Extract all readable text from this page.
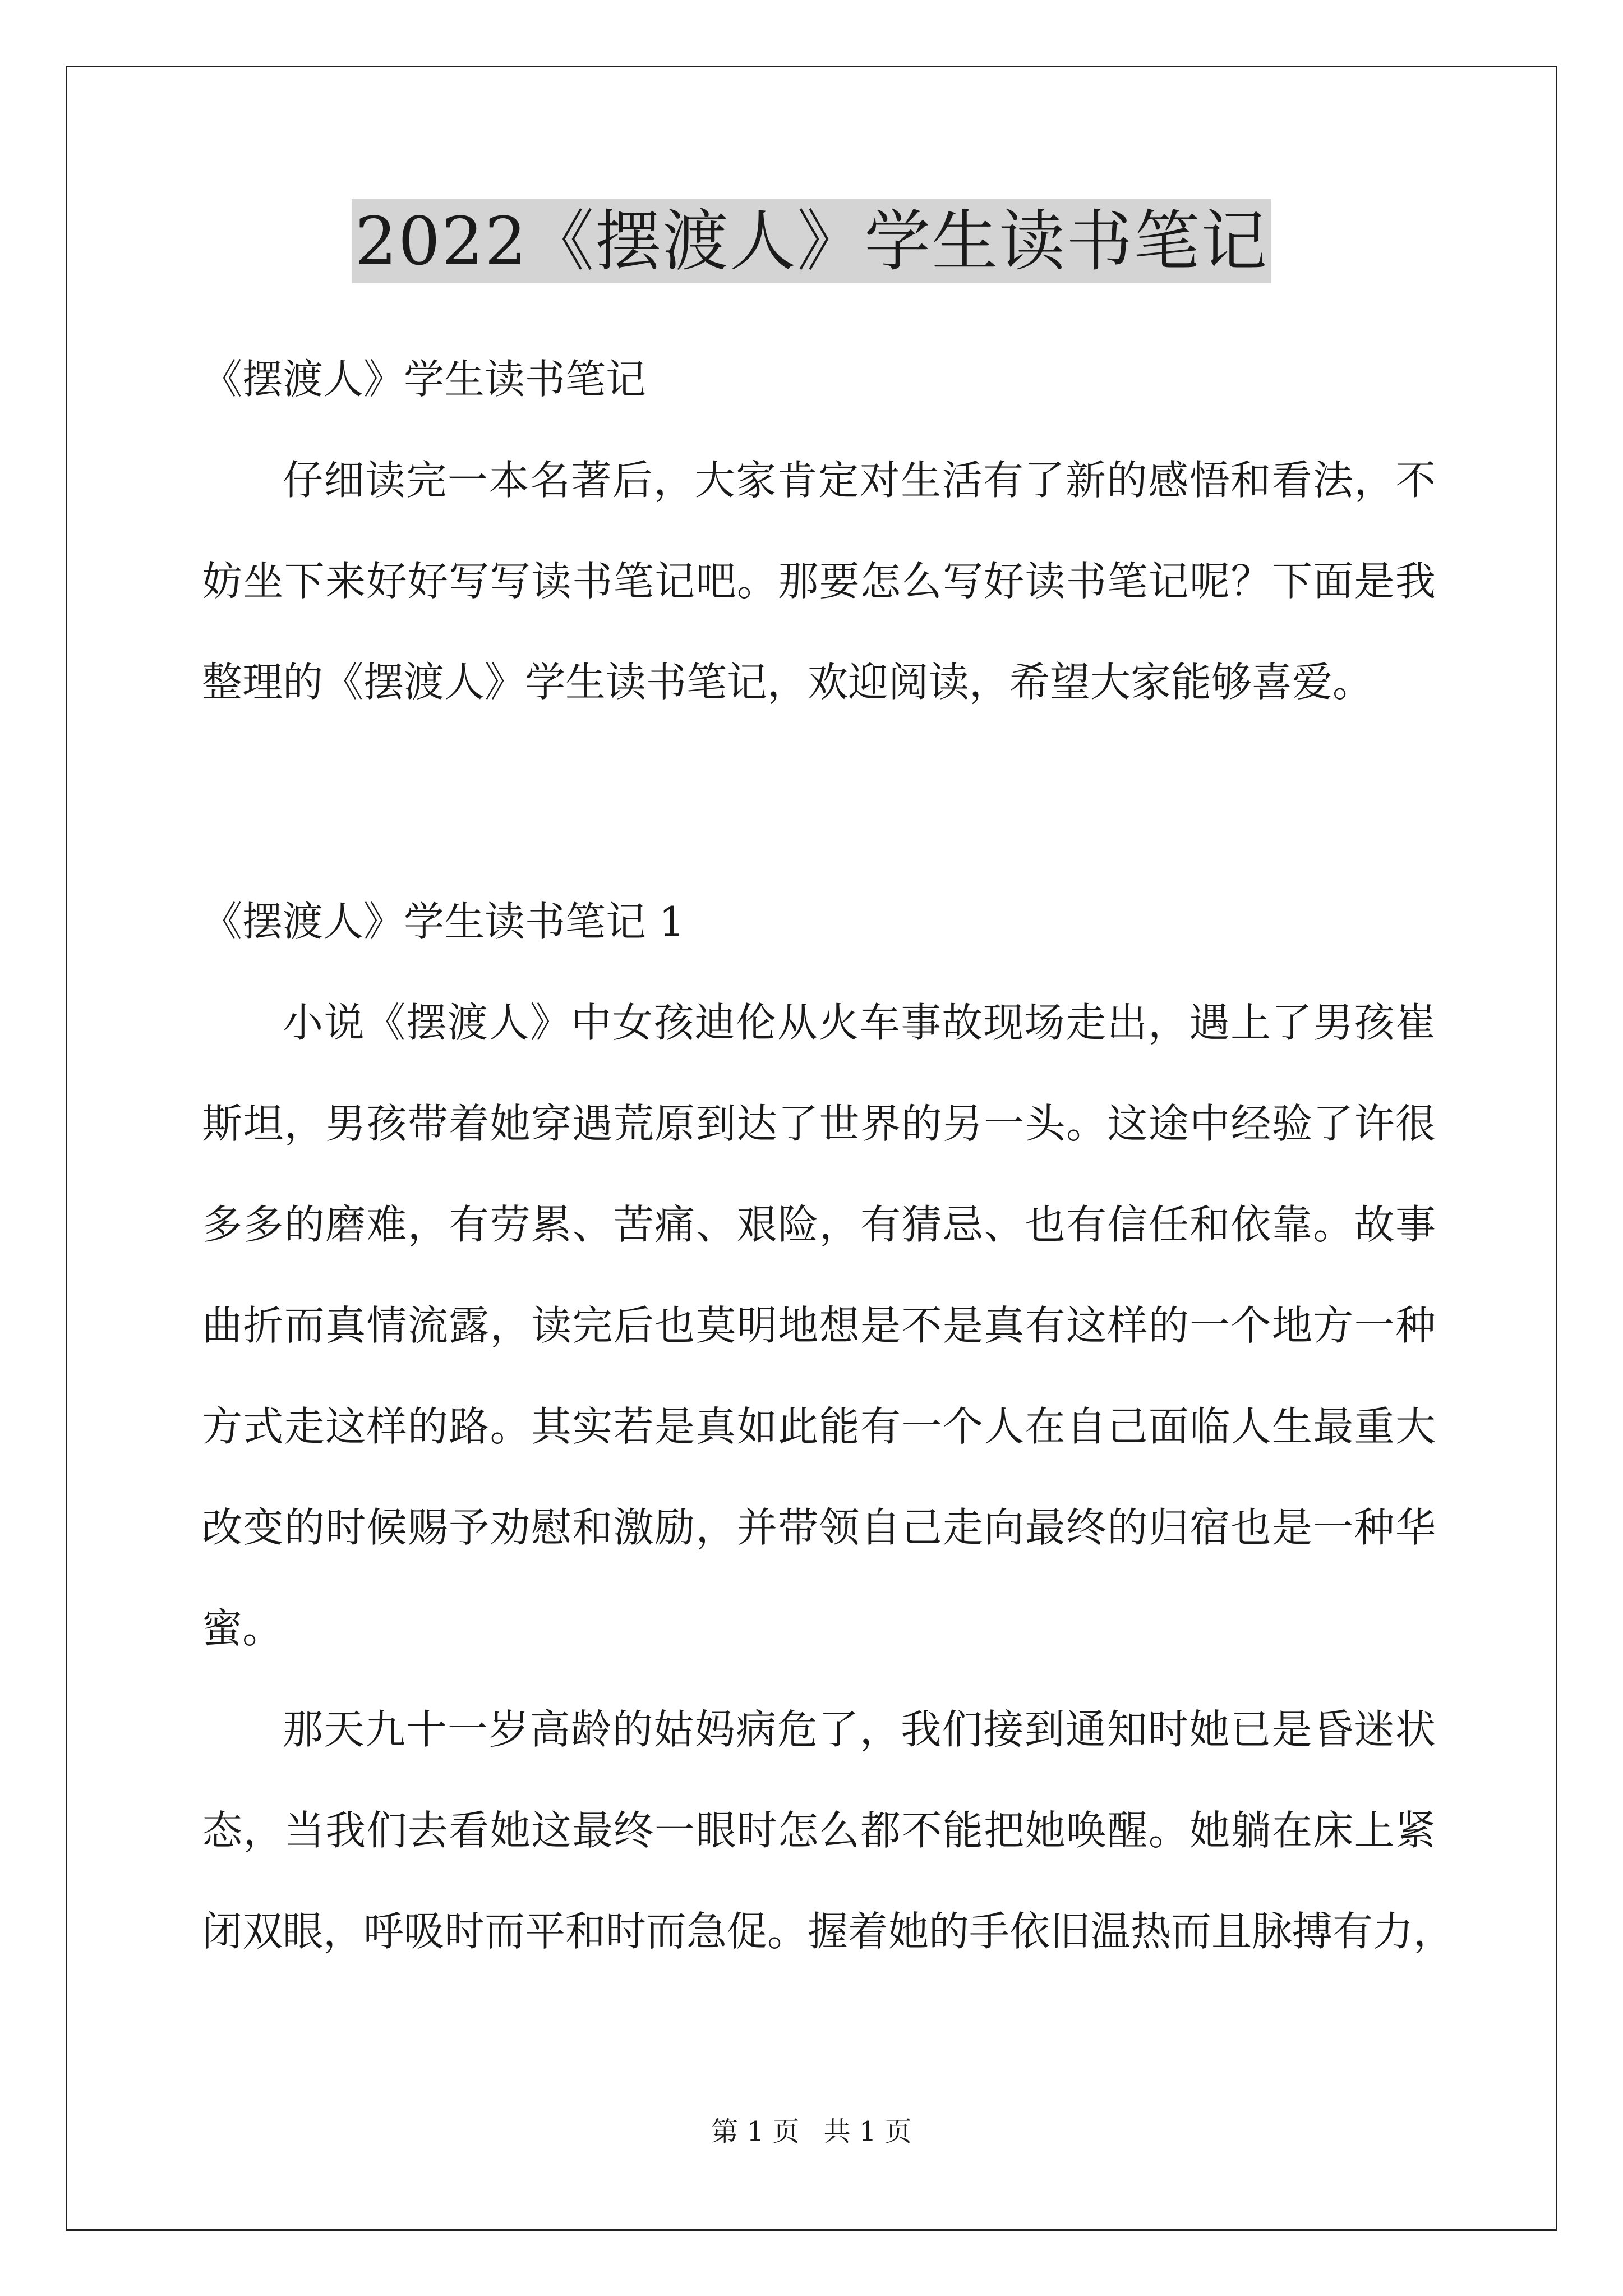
2022《摆渡人》学生读书笔记
《摆渡人》学生读书笔记
仔细读完一本名著后，大家肯定对生活有了新的感悟和看法，不
妨坐下来好好写写读书笔记吧。那要怎么写好读书笔记呢？下面是我
整理的《摆渡人》学生读书笔记，欢迎阅读，希望大家能够喜爱。
《摆渡人》学生读书笔记 1
小说《摆渡人》中女孩迪伦从火车事故现场走出，遇上了男孩崔
斯坦，男孩带着她穿遇荒原到达了世界的另一头。这途中经验了许很
多多的磨难，有劳累、苦痛、艰险，有猜忌、也有信任和依靠。故事
曲折而真情流露，读完后也莫明地想是不是真有这样的一个地方一种
方式走这样的路。其实若是真如此能有一个人在自己面临人生最重大
改变的时候赐予劝慰和激励，并带领自己走向最终的归宿也是一种华
蜜。
那天九十一岁高龄的姑妈病危了，我们接到通知时她已是昏迷状
态，当我们去看她这最终一眼时怎么都不能把她唤醒。她躺在床上紧
闭双眼，呼吸时而平和时而急促。握着她的手依旧温热而且脉搏有力，
第 1 页 共 1 页
